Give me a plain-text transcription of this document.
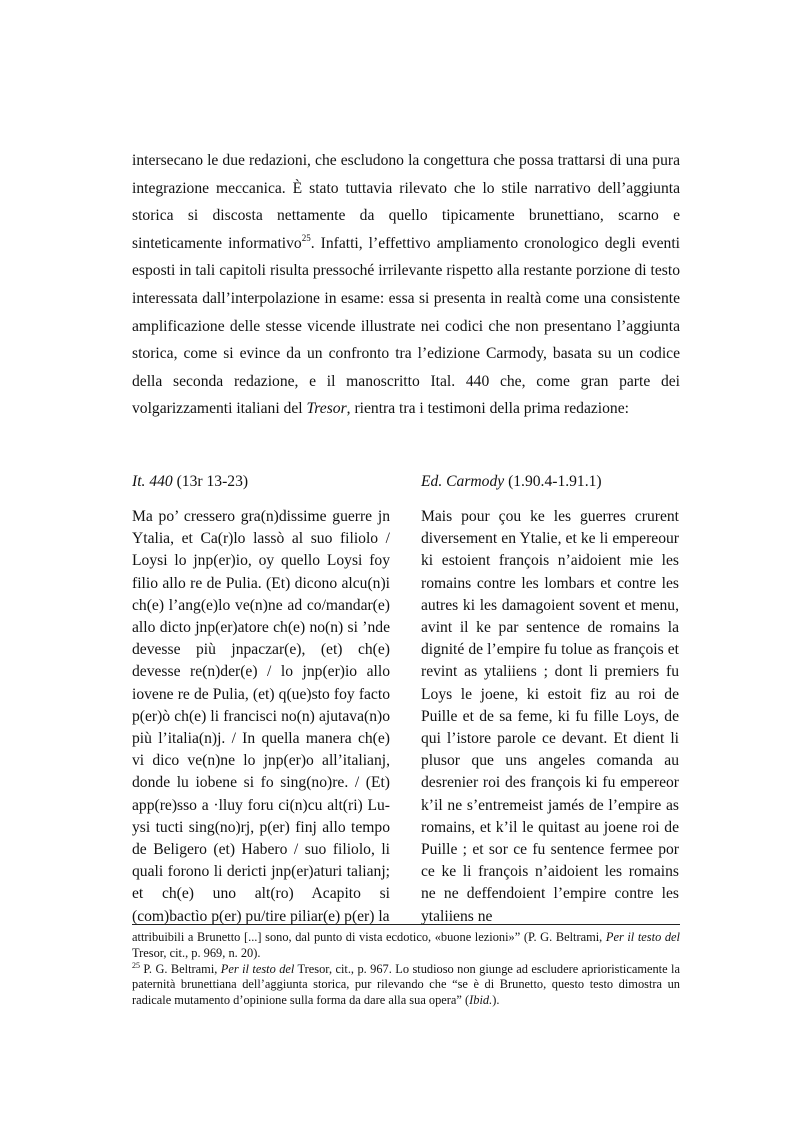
intersecano le due redazioni, che escludono la congettura che possa trattarsi di una pura integrazione meccanica. È stato tuttavia rilevato che lo stile narrativo dell’aggiunta storica si discosta nettamente da quello tipicamente brunettiano, scarno e sinteticamente informativo$^{25}$. Infatti, l’effettivo ampliamento cronologico degli eventi esposti in tali capitoli risulta pressoché irrilevante rispetto alla restante porzione di testo interessata dall’interpolazione in esame: essa si presenta in realtà come una consistente amplificazione delle stesse vicende illustrate nei codici che non presentano l’aggiunta storica, come si evince da un confronto tra l’edizione Carmody, basata su un codice della seconda redazione, e il manoscritto Ital. 440 che, come gran parte dei volgarizzamenti italiani del Tresor, rientra tra i testimoni della prima redazione:

It. 440 (13r 13-23)	Ed. Carmody (1.90.4-1.91.1)

Ma po’ cressero gra(n)dissime guerre jn Ytalia, et Ca(r)lo lassò al suo filiolo / Loysi lo jnp(er)io, oy quello Loysi foy filio allo re de Pulia. (Et) dicono alcu(n)i ch(e) l’ang(e)lo ve(n)ne ad co/mandar(e) allo dicto jnp(er)atore ch(e) no(n) si ’nde devesse più jnpaczar(e), (et) ch(e) devesse re(n)der(e) / lo jnp(er)io allo iovene re de Pulia, (et) q(ue)sto foy facto p(er)ò ch(e) li francisci no(n) ajutava(n)o più l’italia(n)j. / In quella manera ch(e) vi dico ve(n)ne lo jnp(er)o all’italianj, donde lu iobene si fo sing(no)re. / (Et) app(re)sso a ·lluy foru ci(n)cu alt(ri) Luysi tucti sing(no)rj, p(er) finj allo tempo de Beligero (et) Habero / suo filiolo, li quali forono li dericti jnp(er)aturi talianj; et ch(e) uno alt(ro) Acapito si (com)bactìo p(er) pu/tire piliar(e) p(er) la

Mais pour çou ke les guerres crurent diversement en Ytalie, et ke li empereour ki estoient françois n’aidoient mie les romains contre les lombars et contre les autres ki les damagoient sovent et menu, avint il ke par sentence de romains la dignité de l’empire fu tolue as françois et revint as ytaliiens ; dont li premiers fu Loys le joene, ki estoit fiz au roi de Puille et de sa feme, ki fu fille Loys, de qui l’istore parole ce devant. Et dient li plusor que uns angeles comanda au desrenier roi des françois ki fu empereor k’il ne s’entremeist jamés de l’empire as romains, et k’il le quitast au joene roi de Puille ; et sor ce fu sentence fermee por ce ke li françois n’aidoient les romains ne ne deffendoient l’empire contre les ytaliiens ne

attribuibili a Brunetto [...] sono, dal punto di vista ecdotico, «buone lezioni»” (P. G. Beltrami, Per il testo del Tresor, cit., p. 969, n. 20).

$^{25}$ P. G. Beltrami, Per il testo del Tresor, cit., p. 967. Lo studioso non giunge ad escludere aprioristicamente la paternità brunettiana dell’aggiunta storica, pur rilevando che “se è di Brunetto, questo testo dimostra un radicale mutamento d’opinione sulla forma da dare alla sua opera” (Ibid.).
